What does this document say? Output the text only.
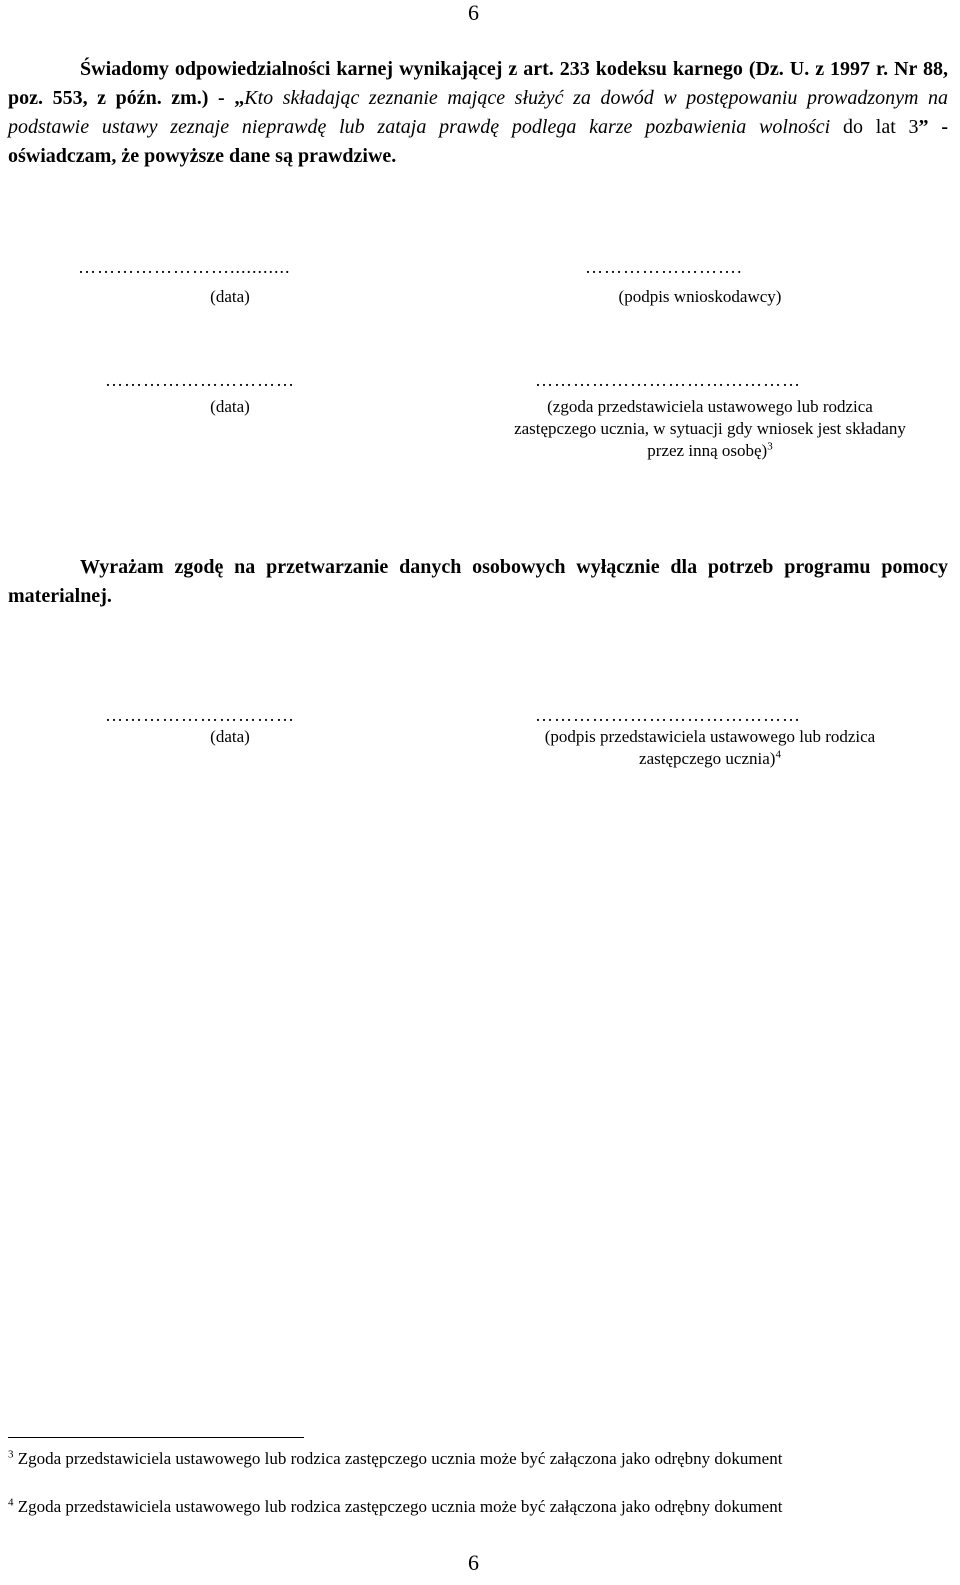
6
Świadomy odpowiedzialności karnej wynikającej z art. 233 kodeksu karnego (Dz. U. z 1997 r. Nr 88, poz. 553, z późn. zm.) - „Kto składając zeznanie mające służyć za dowód w postępowaniu prowadzonym na podstawie ustawy zeznaje nieprawdę lub zataja prawdę podlega karze pozbawienia wolności do lat 3” - oświadczam, że powyższe dane są prawdziwe.
……………………...........
(data)
…………………….
(podpis wnioskodawcy)
…………………………
(data)
……………………………………
(zgoda przedstawiciela ustawowego lub rodzica zastępczego ucznia, w sytuacji gdy wniosek jest składany przez inną osobę)$^3$
Wyrażam zgodę na przetwarzanie danych osobowych wyłącznie dla potrzeb programu pomocy materialnej.
…………………………
(data)
……………………………………
(podpis przedstawiciela ustawowego lub rodzica zastępczego ucznia)$^4$
$^3$ Zgoda przedstawiciela ustawowego lub rodzica zastępczego ucznia może być załączona jako odrębny dokument
$^4$ Zgoda przedstawiciela ustawowego lub rodzica zastępczego ucznia może być załączona jako odrębny dokument
6
